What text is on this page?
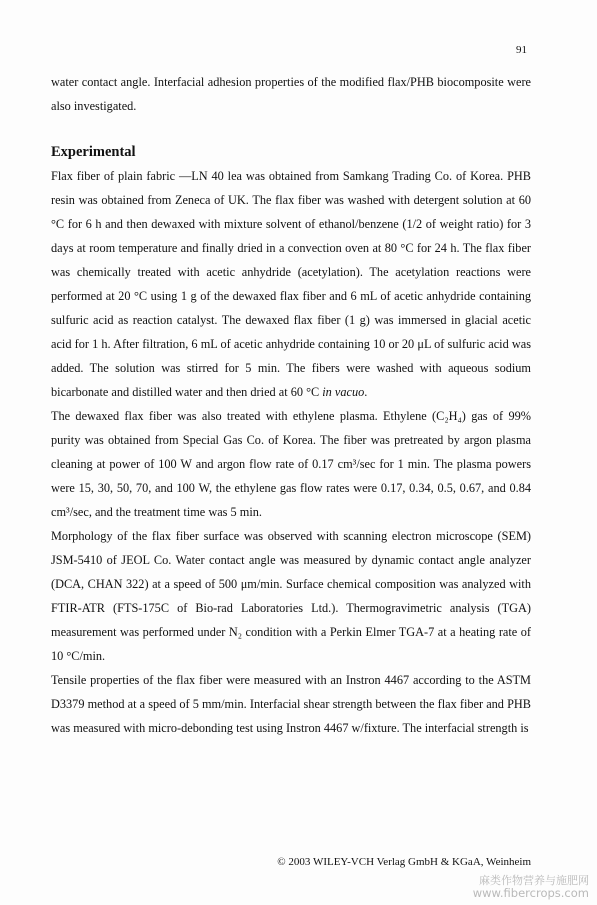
91

water contact angle. Interfacial adhesion properties of the modified flax/PHB biocomposite were also investigated.

Experimental

Flax fiber of plain fabric —LN 40 lea was obtained from Samkang Trading Co. of Korea. PHB resin was obtained from Zeneca of UK. The flax fiber was washed with detergent solution at 60 °C for 6 h and then dewaxed with mixture solvent of ethanol/benzene (1/2 of weight ratio) for 3 days at room temperature and finally dried in a convection oven at 80 °C for 24 h. The flax fiber was chemically treated with acetic anhydride (acetylation). The acetylation reactions were performed at 20 °C using 1 g of the dewaxed flax fiber and 6 mL of acetic anhydride containing sulfuric acid as reaction catalyst. The dewaxed flax fiber (1 g) was immersed in glacial acetic acid for 1 h. After filtration, 6 mL of acetic anhydride containing 10 or 20 μL of sulfuric acid was added. The solution was stirred for 5 min. The fibers were washed with aqueous sodium bicarbonate and distilled water and then dried at 60 °C in vacuo.

The dewaxed flax fiber was also treated with ethylene plasma. Ethylene (C₂H₄) gas of 99% purity was obtained from Special Gas Co. of Korea. The fiber was pretreated by argon plasma cleaning at power of 100 W and argon flow rate of 0.17 cm³/sec for 1 min. The plasma powers were 15, 30, 50, 70, and 100 W, the ethylene gas flow rates were 0.17, 0.34, 0.5, 0.67, and 0.84 cm³/sec, and the treatment time was 5 min.

Morphology of the flax fiber surface was observed with scanning electron microscope (SEM) JSM-5410 of JEOL Co. Water contact angle was measured by dynamic contact angle analyzer (DCA, CHAN 322) at a speed of 500 μm/min. Surface chemical composition was analyzed with FTIR-ATR (FTS-175C of Bio-rad Laboratories Ltd.). Thermogravimetric analysis (TGA) measurement was performed under N₂ condition with a Perkin Elmer TGA-7 at a heating rate of 10 °C/min.

Tensile properties of the flax fiber were measured with an Instron 4467 according to the ASTM D3379 method at a speed of 5 mm/min. Interfacial shear strength between the flax fiber and PHB was measured with micro-debonding test using Instron 4467 w/fixture. The interfacial strength is

© 2003 WILEY-VCH Verlag GmbH & KGaA, Weinheim
麻类作物营养与施肥网
www.fibercrops.com
